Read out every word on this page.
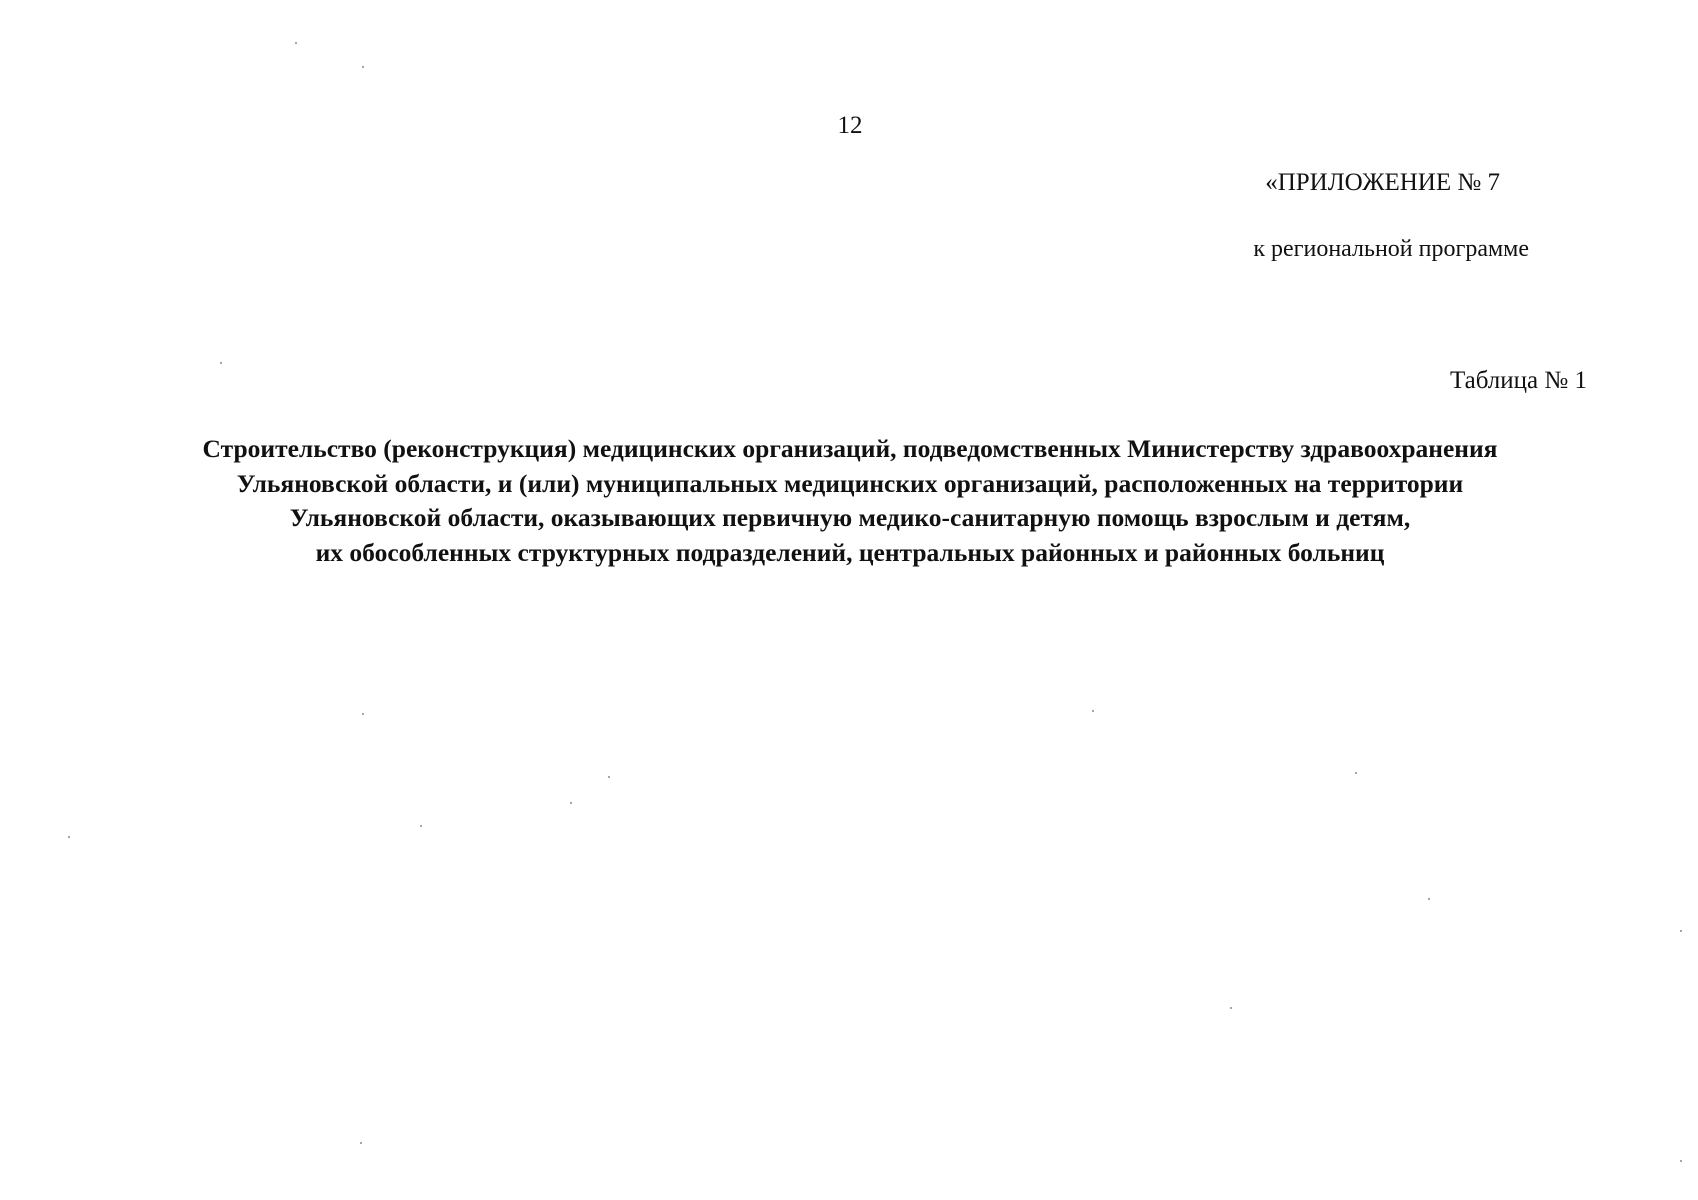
12
«ПРИЛОЖЕНИЕ № 7
к региональной программе
Таблица № 1
Строительство (реконструкция) медицинских организаций, подведомственных Министерству здравоохранения
Ульяновской области, и (или) муниципальных медицинских организаций, расположенных на территории
Ульяновской области, оказывающих первичную медико-санитарную помощь взрослым и детям,
их обособленных структурных подразделений, центральных районных и районных больниц
